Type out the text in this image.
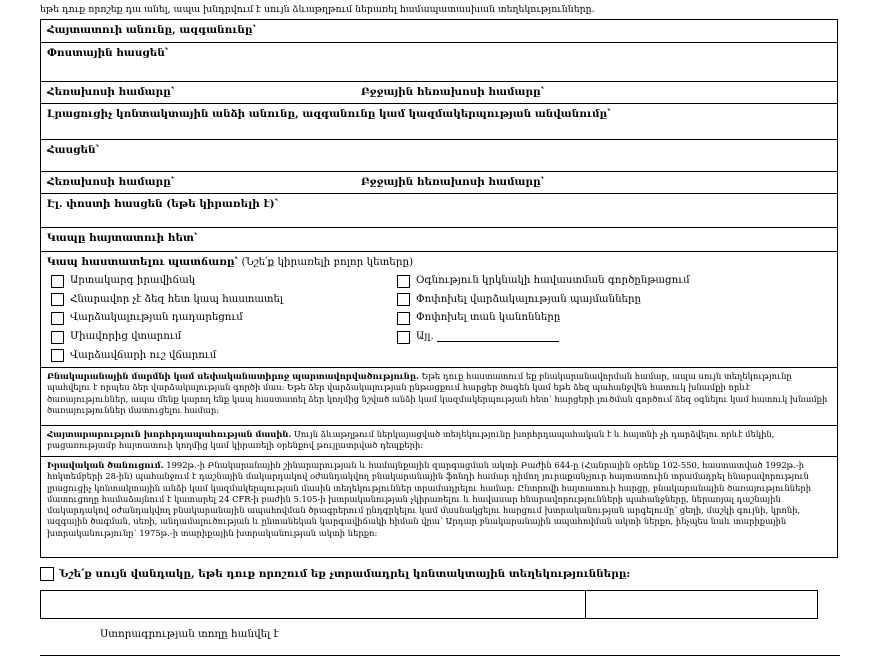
եթե դուք որոշեք դա անել, ապա խնդրվում է սույն ձևաթղթում ներառել համապատասխան տեղեկությունները.
Հայտատուի անունը, ազգանունը՝
Փոստային հասցեն՝
Հեռախոսի համարը՝	Բջջային հեռախոսի համարը՝
Լրացուցիչ կոնտակտային անձի անունը, ազգանունը կամ կազմակերպության անվանումը՝
Հասցեն՝
Հեռախոսի համարը՝	Բջջային հեռախոսի համարը՝
Էլ. փոստի հասցեն (եթե կիրառելի է)՝
Կապը հայտատուի հետ՝
Կապ հաստատելու պատճառը՝ (Նշե՛ք կիրառելի բոլոր կետերը)
Արտակարգ իրավիճակ
Հնարավոր չէ ձեզ հետ կապ հաստատել
Վարձակալության դադարեցում
Միավորից վտարում
Վարձավճարի ուշ վճարում
Օգնություն կրկնակի հավաստման գործընթացում
Փոփոխել վարձակալության պայմանները
Փոփոխել տան կանոնները
Այլ.
Բնակարանային մարմնի կամ սեփականատիրոջ պարտավորվածությունը. Եթե դուք հաստատում եք բնակարանավորման համար, ապա սույն տեղեկությունը պահվելու է որպես ձեր վարձակալության գործի մաս: Եթե ձեր վարձակալության ընթացքում հարցեր ծագեն կամ եթե ձեզ պահանջվեն հատուկ խնամքի որևէ ծառայություններ, ապա մենք կարող ենք կապ հաստատել ձեր կողմից նշված անձի կամ կազմակերպության հետ՝ հարցերի լուծման գործում ձեզ օգնելու կամ հատուկ խնամքի ծառայություններ մատուցելու համար:
Հայտարարություն խորհրդապահության մասին. Սույն ձևաթղթում ներկայացված տեղեկությունը խորհրդապահական է և հայտնի չի դարձվելու որևէ մեկին, բացառությամբ հայտատուի կողմից կամ կիրառելի օրենքով թույլատրված դեպքերի:
Իրավական ծանուցում. 1992թ.-ի Բնակարանային շինարարության և համայնքային զարգացման ակտի Բաժին 644-ը (Հանրային օրենք 102-550, հաստատված 1992թ.-ի հոկտեմբերի 28-ին) պահանջում է դաշնային մակարդակով օժանդակվող բնակարանային ֆոնդի համար դիմող յուրաքանչյուր հայտատուին տրամադրել հնարավորություն լրացուցիչ կոնտակտային անձի կամ կազմակերպության մասին տեղեկություններ տրամադրելու համար: Ընտրովի հայտատուի հարցը, բնակարանային ծառայությունների մատուցողը համաձայնում է կատարել 24 CFR-ի բաժին 5.105-ի խտրականության չկիրառելու և հավասար հնարավորությունների պահանջները, ներառյալ դաշնային մակարդակով օժանդակվող բնակարանային ապահովման ծրագրերում ընդգրկելու կամ մասնակցելու հարցում խտրականության արգելումը՝ ցեղի, մաշկի գույնի, կրոնի, ազգային ծագման, սեռի, անդամալուծության և ընտանեկան կարգավիճակի հիման վրա՝ Արդար բնակարանային ապահովման ակտի ներքո, ինչպես նաև տարիքային խտրականությունը՝ 1975թ.-ի տարիքային խտրականության ակտի ներքո:
Նշե՛ք սույն վանդակը, եթե դուք որոշում եք չտրամադրել կոնտակտային տեղեկությունները:
Ստորագրության տողը հանվել է
